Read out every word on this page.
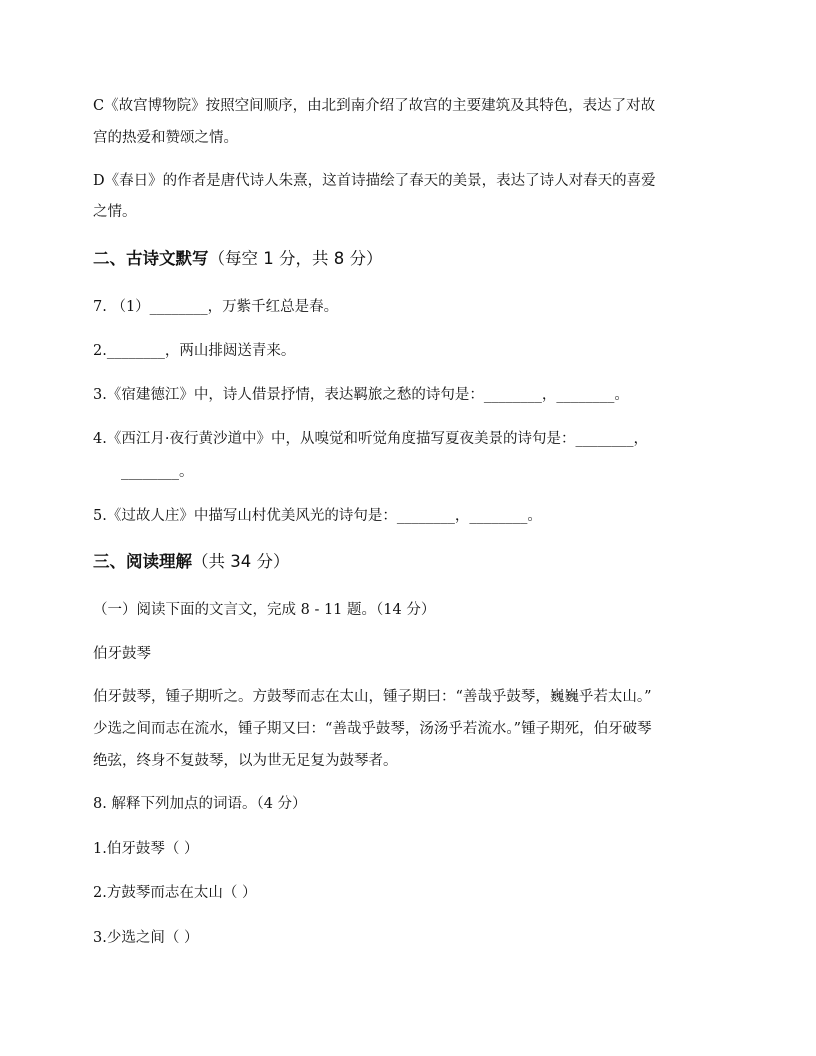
C《故宫博物院》按照空间顺序，由北到南介绍了故宫的主要建筑及其特色，表达了对故
宫的热爱和赞颂之情。
D《春日》的作者是唐代诗人朱熹，这首诗描绘了春天的美景，表达了诗人对春天的喜爱
之情。
二、古诗文默写（每空 1 分，共 8 分）
7. （1）________，万紫千红总是春。
2.________，两山排闼送青来。
3.《宿建德江》中，诗人借景抒情，表达羁旅之愁的诗句是：________，________。
4.《西江月·夜行黄沙道中》中，从嗅觉和听觉角度描写夏夜美景的诗句是：________，
________。
5.《过故人庄》中描写山村优美风光的诗句是：________，________。
三、阅读理解（共 34 分）
（一）阅读下面的文言文，完成 8 - 11 题。（14 分）
伯牙鼓琴
伯牙鼓琴，锺子期听之。方鼓琴而志在太山，锺子期曰：“善哉乎鼓琴，巍巍乎若太山。”
少选之间而志在流水，锺子期又曰：“善哉乎鼓琴，汤汤乎若流水。”锺子期死，伯牙破琴
绝弦，终身不复鼓琴，以为世无足复为鼓琴者。
8. 解释下列加点的词语。（4 分）
1.伯牙鼓琴（ ）
2.方鼓琴而志在太山（ ）
3.少选之间（ ）
